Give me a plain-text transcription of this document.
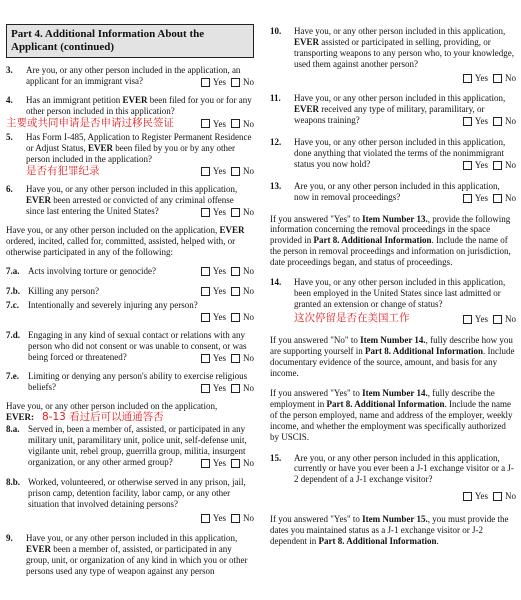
Part 4. Additional Information About the Applicant (continued)
3.	Are you, or any other person included in the application, an applicant for an immigrant visa?	Yes No
4.	Has an immigrant petition EVER been filed for you or for any other person included in this application?
主要或共同申请是否申请过移民签证	Yes No
5.	Has Form I-485, Application to Register Permanent Residence or Adjust Status, EVER been filed by you or by any other person included in the application?
是否有犯罪纪录	Yes No
6.	Have you, or any other person included in this application, EVER been arrested or convicted of any criminal offense since last entering the United States?	Yes No
Have you, or any other person included on the application, EVER ordered, incited, called for, committed, assisted, helped with, or otherwise participated in any of the following:
7.a. Acts involving torture or genocide?	Yes No
7.b. Killing any person?	Yes No
7.c.	Intentionally and severely injuring any person?
Yes No
7.d. Engaging in any kind of sexual contact or relations with any person who did not consent or was unable to consent, or was being forced or threatened?	Yes No
7.e.	Limiting or denying any person's ability to exercise religious beliefs?	Yes No
Have you, or any other person included on the application,
EVER: 8-13 看过后可以通通答否
8.a. Served in, been a member of, assisted, or participated in any military unit, paramilitary unit, police unit, self-defense unit, vigilante unit, rebel group, guerrilla group, militia, insurgent organization, or any other armed group?	Yes No
8.b. Worked, volunteered, or otherwise served in any prison, jail, prison camp, detention facility, labor camp, or any other situation that involved detaining persons?
Yes No
9.	Have you, or any other person included in this application, EVER been a member of, assisted, or participated in any group, unit, or organization of any kind in which you or other persons used any type of weapon against any person
10.	Have you, or any other person included in this application, EVER assisted or participated in selling, providing, or transporting weapons to any person who, to your knowledge, used them against another person?
Yes No
11.	Have you, or any other person included in this application, EVER received any type of military, paramilitary, or weapons training?	Yes No
12.	Have you, or any other person included in this application, done anything that violated the terms of the nonimmigrant status you now hold?	Yes No
13.	Are you, or any other person included in this application, now in removal proceedings?	Yes No
If you answered "Yes" to Item Number 13., provide the following information concerning the removal proceedings in the space provided in Part 8. Additional Information. Include the name of the person in removal proceedings and information on jurisdiction, date proceedings began, and status of proceedings.
14.	Have you, or any other person included in this application, been employed in the United States since last admitted or granted an extension or change of status?
这次停留是否在美国工作	Yes No
If you answered "No" to Item Number 14., fully describe how you are supporting yourself in Part 8. Additional Information. Include documentary evidence of the source, amount, and basis for any income.
If you answered "Yes" to Item Number 14., fully describe the employment in Part 8. Additional Information. Include the name of the person employed, name and address of the employer, weekly income, and whether the employment was specifically authorized by USCIS.
15.	Are you, or any other person included in this application, currently or have you ever been a J-1 exchange visitor or a J-2 dependent of a J-1 exchange visitor?
Yes No
If you answered "Yes" to Item Number 15., you must provide the dates you maintained status as a J-1 exchange visitor or J-2 dependent in Part 8. Additional Information.
